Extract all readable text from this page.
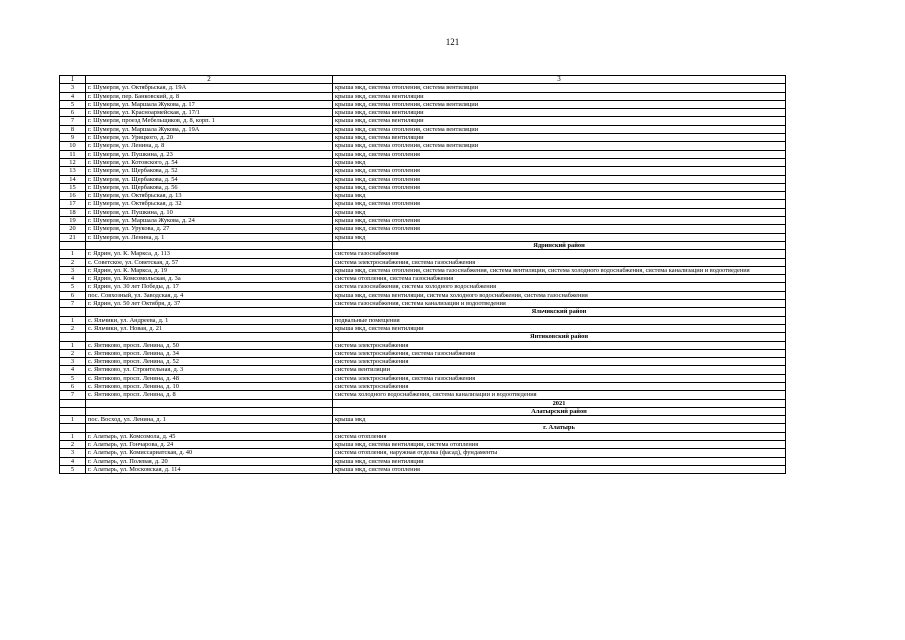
121
1	2	3
3	г. Шумерля, ул. Октябрьская, д. 19А	крыша мкд, система отопления, система вентиляции
4	г. Шумерля, пер. Банковский, д. 8	крыша мкд, система вентиляции
5	г. Шумерля, ул. Маршала Жукова, д. 17	крыша мкд, система отопления, система вентиляции
6	г. Шумерля, ул. Красноармейская, д. 17/1	крыша мкд, система вентиляции
7	г. Шумерля, проезд Мебельщиков, д. 8, корп. 1	крыша мкд, система вентиляции
8	г. Шумерля, ул. Маршала Жукова, д. 19А	крыша мкд, система отопления, система вентиляции
9	г. Шумерля, ул. Урицкого, д. 20	крыша мкд, система вентиляции
10	г. Шумерля, ул. Ленина, д. 8	крыша мкд, система отопления, система вентиляции
11	г. Шумерля, ул. Пушкина, д. 23	крыша мкд, система отопления
12	г. Шумерля, ул. Котовского, д. 54	крыша мкд
13	г. Шумерля, ул. Щербакова, д. 52	крыша мкд, система отопления
14	г. Шумерля, ул. Щербакова, д. 54	крыша мкд, система отопления
15	г. Шумерля, ул. Щербакова, д. 56	крыша мкд, система отопления
16	г. Шумерля, ул. Октябрьская, д. 13	крыша мкд
17	г. Шумерля, ул. Октябрьская, д. 32	крыша мкд, система отопления
18	г. Шумерля, ул. Пушкина, д. 10	крыша мкд
19	г. Шумерля, ул. Маршала Жукова, д. 24	крыша мкд, система отопления
20	г. Шумерля, ул. Урукова, д. 27	крыша мкд, система отопления
21	г. Шумерля, ул. Ленина, д. 1	крыша мкд
		Ядринский район
1	г. Ядрин, ул. К. Маркса, д. 113	система газоснабжения
2	с. Советское, ул. Советская, д. 57	система электроснабжения, система газоснабжения
3	г. Ядрин, ул. К. Маркса, д. 19	крыша мкд, система отопления, система газоснабжения, система вентиляции, система холодного водоснабжения, система канализации и водоотведения
4	г. Ядрин, ул. Комсомольская, д. 3а	система отопления, система газоснабжения
5	г. Ядрин, ул. 30 лет Победы, д. 17	система газоснабжения, система холодного водоснабжения
6	пос. Совхозный, ул. Заводская, д. 4	крыша мкд, система вентиляции, система холодного водоснабжения, система газоснабжения
7	г. Ядрин, ул. 50 лет Октября, д. 37	система газоснабжения, система канализации и водоотведения
		Яльчикский район
1	с. Яльчики, ул. Андреева, д. 1	подвальные помещения
2	с. Яльчики, ул. Новая, д. 21	крыша мкд, система вентиляции
		Янтиковский район
1	с. Янтиково, просп. Ленина, д. 50	система электроснабжения
2	с. Янтиково, просп. Ленина, д. 34	система электроснабжения, система газоснабжения
3	с. Янтиково, просп. Ленина, д. 52	система электроснабжения
4	с. Янтиково, ул. Строительная, д. 3	система вентиляции
5	с. Янтиково, просп. Ленина, д. 48	система электроснабжения, система газоснабжения
6	с. Янтиково, просп. Ленина, д. 10	система электроснабжения
7	с. Янтиково, просп. Ленина, д. 8	система холодного водоснабжения, система канализации и водоотведения
		2021
		Алатырский район
1	пос. Восход, ул. Ленина, д. 1	крыша мкд
		г. Алатырь
1	г. Алатырь, ул. Комсомола, д. 45	система отопления
2	г. Алатырь, ул. Гончарова, д. 24	крыша мкд, система вентиляции, система отопления
3	г. Алатырь, ул. Комиссариатская, д. 40	система отопления, наружная отделка (фасад), фундаменты
4	г. Алатырь, ул. Полевая, д. 20	крыша мкд, система вентиляции
5	г. Алатырь, ул. Московская, д. 114	крыша мкд, система отопления
